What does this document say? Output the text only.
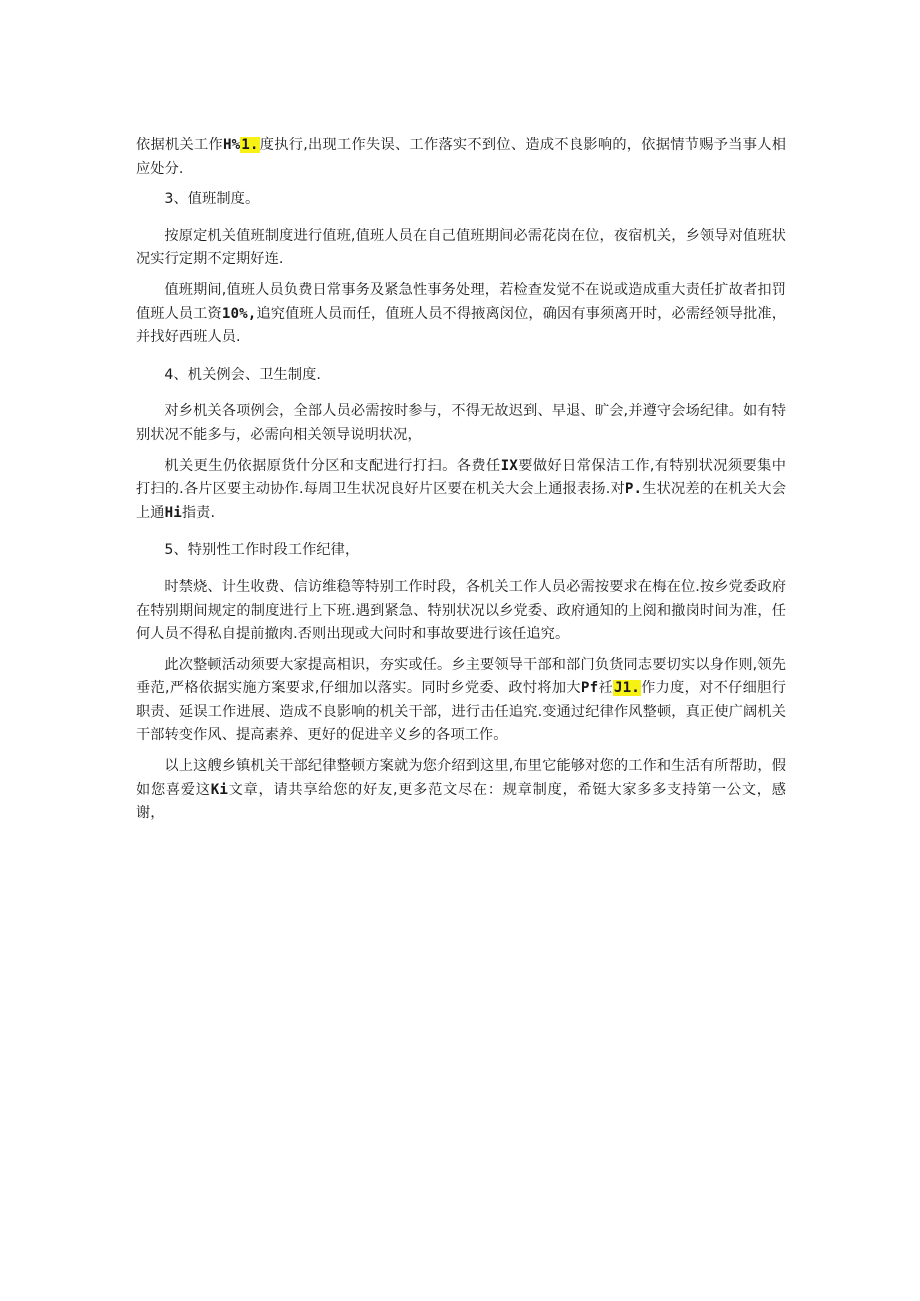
依据机关工作H%1.度执行,出现工作失误、工作落实不到位、造成不良影响的，依据情节赐予当事人相应处分.

3、值班制度。

按原定机关值班制度进行值班,值班人员在自己值班期间必需花岗在位，夜宿机关，乡领导对值班状况实行定期不定期好连.

值班期间,值班人员负费日常事务及紧急性事务处理，若检查发觉不在说或造成重大责任扩故者扣罚值班人员工资10%,追究值班人员而任，值班人员不得掖离闵位，确因有事须离开时，必需经领导批准，并找好西班人员.

4、机关例会、卫生制度.

对乡机关各项例会，全部人员必需按时参与，不得无故迟到、早退、旷会,并遵守会场纪律。如有特别状况不能多与，必需向相关领导说明状况，

机关更生仍依据原货什分区和支配进行打扫。各费任IX要做好日常保洁工作,有特别状况须要集中打扫的.各片区要主动协作.每周卫生状况良好片区要在机关大会上通报表扬.对P.生状况差的在机关大会上通Hi指责.

5、特别性工作时段工作纪律，

时禁烧、计生收费、信访维稳等特别工作时段，各机关工作人员必需按要求在梅在位.按乡党委政府在特别期间规定的制度进行上下班.遇到紧急、特别状况以乡党委、政府通知的上阅和撤岗时间为准，任何人员不得私自提前撤肉.否则出现或大问时和事故要进行该任追究。

此次整顿活动须要大家提高相识，夯实或任。乡主要领导干部和部门负货同志要切实以身作则,领先垂范,严格依据实施方案要求,仔细加以落实。同时乡党委、政忖将加大Pf祍J1.作力度，对不仔细胆行职责、延误工作进展、造成不良影响的机关干部，进行击任追究.变通过纪律作风整顿，真正使广阔机关干部转变作风、提高素养、更好的促进辛义乡的各项工作。

以上这艘乡镇机关干部纪律整顿方案就为您介绍到这里,布里它能够对您的工作和生活有所帮助，假如您喜爱这Ki文章，请共享给您的好友,更多范文尽在：规章制度，希铤大家多多支持第一公文，感谢，
